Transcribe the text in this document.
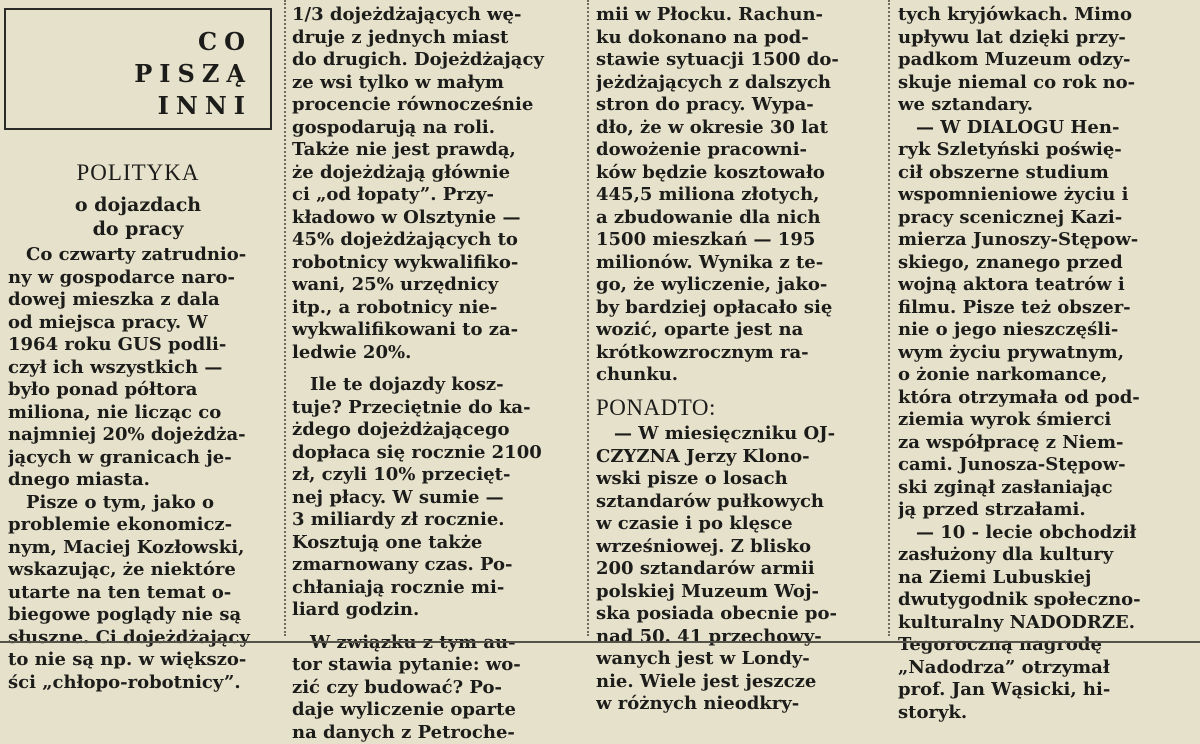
CO
PISZĄ
INNI
POLITYKA
o dojazdach
do pracy

Co czwarty zatrudnio-
ny w gospodarce naro-
dowej mieszka z dala
od miejsca pracy. W
1964 roku GUS podli-
czył ich wszystkich —
było ponad półtora
miliona, nie licząc co
najmniej 20% dojeżdża-
jących w granicach je-
dnego miasta.
Pisze o tym, jako o
problemie ekonomicz-
nym, Maciej Kozłowski,
wskazując, że niektóre
utarte na ten temat o-
biegowe poglądy nie są
słuszne. Ci dojeżdżający
to nie są np. w większo-
ści „chłopo-robotnicy”.

1/3 dojeżdżających wę-
druje z jednych miast
do drugich. Dojeżdżający
ze wsi tylko w małym
procencie równocześnie
gospodarują na roli.
Także nie jest prawdą,
że dojeżdżają głównie
ci „od łopaty”. Przy-
kładowo w Olsztynie —
45% dojeżdżających to
robotnicy wykwalifiko-
wani, 25% urzędnicy
itp., a robotnicy nie-
wykwalifikowani to za-
ledwie 20%.

Ile te dojazdy kosz-
tuje? Przeciętnie do ka-
żdego dojeżdżającego
dopłaca się rocznie 2100
zł, czyli 10% przecięt-
nej płacy. W sumie —
3 miliardy zł rocznie.
Kosztują one także
zmarnowany czas. Po-
chłaniają rocznie mi-
liard godzin.

W związku z tym au-
tor stawia pytanie: wo-
zić czy budować? Po-
daje wyliczenie oparte
na danych z Petroche-

mii w Płocku. Rachun-
ku dokonano na pod-
stawie sytuacji 1500 do-
jeżdżających z dalszych
stron do pracy. Wypa-
dło, że w okresie 30 lat
dowożenie pracowni-
ków będzie kosztowało
445,5 miliona złotych,
a zbudowanie dla nich
1500 mieszkań — 195
milionów. Wynika z te-
go, że wyliczenie, jako-
by bardziej opłacało się
wozić, oparte jest na
krótkowzrocznym ra-
chunku.

PONADTO:

— W miesięczniku OJ-
CZYZNA Jerzy Klono-
wski pisze o losach
sztandarów pułkowych
w czasie i po klęsce
wrześniowej. Z blisko
200 sztandarów armii
polskiej Muzeum Woj-
ska posiada obecnie po-
nad 50. 41 przechowy-
wanych jest w Londy-
nie. Wiele jest jeszcze
w różnych nieodkry-

tych kryjówkach. Mimo
upływu lat dzięki przy-
padkom Muzeum odzy-
skuje niemal co rok no-
we sztandary.
— W DIALOGU Hen-
ryk Szletyński poświę-
cił obszerne studium
wspomnieniowe życiu i
pracy scenicznej Kazi-
mierza Junoszy-Stępow-
skiego, znanego przed
wojną aktora teatrów i
filmu. Pisze też obszer-
nie o jego nieszczęśli-
wym życiu prywatnym,
o żonie narkomance,
która otrzymała od pod-
ziemia wyrok śmierci
za współpracę z Niem-
cami. Junosza-Stępow-
ski zginął zasłaniając
ją przed strzałami.
— 10 - lecie obchodził
zasłużony dla kultury
na Ziemi Lubuskiej
dwutygodnik społeczno-
kulturalny NADODRZE.
Tegoroczną nagrodę
„Nadodrza” otrzymał
prof. Jan Wąsicki, hi-
storyk.
